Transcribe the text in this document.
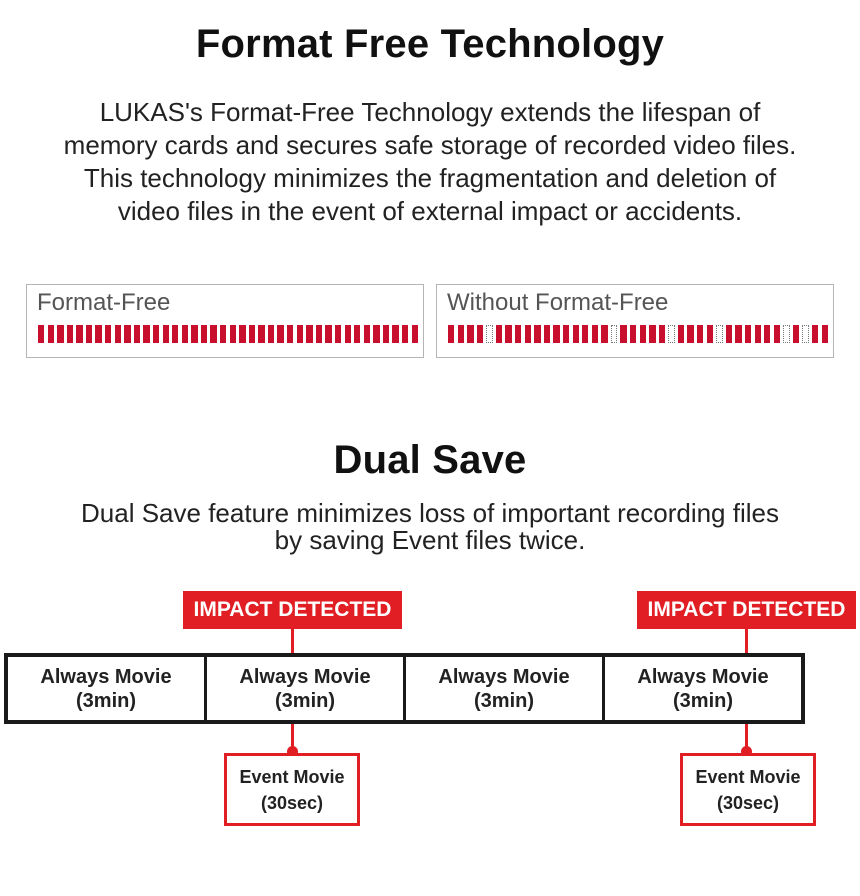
Format Free Technology
LUKAS's Format-Free Technology extends the lifespan of
memory cards and secures safe storage of recorded video files.
This technology minimizes the fragmentation and deletion of
video files in the event of external impact or accidents.
Format-Free	Without Format-Free
Dual Save
Dual Save feature minimizes loss of important recording files
by saving Event files twice.
IMPACT DETECTED	IMPACT DETECTED
Always Movie
(3min)
Always Movie
(3min)
Always Movie
(3min)
Always Movie
(3min)
Event Movie
(30sec)
Event Movie
(30sec)
